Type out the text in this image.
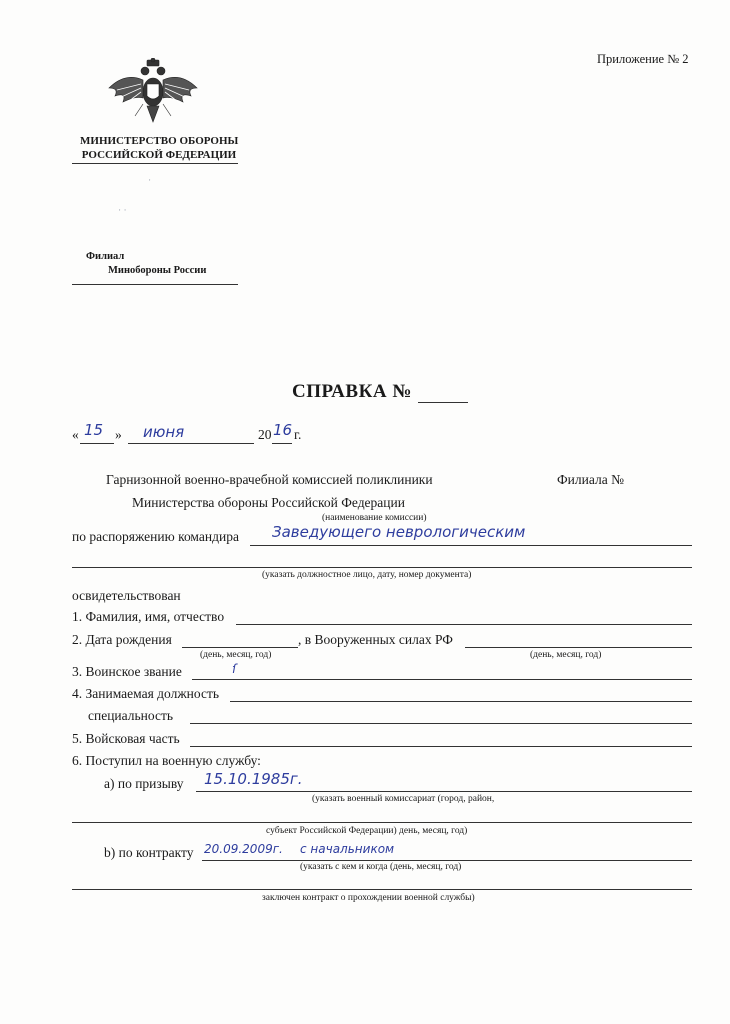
Приложение № 2
МИНИСТЕРСТВО ОБОРОНЫ
РОССИЙСКОЙ ФЕДЕРАЦИИ
·
· ·
Филиал
Минобороны России
СПРАВКА №
« 15 » июня	20 16 г.
Гарнизонной военно-врачебной комиссией поликлиники	Филиала №
Министерства обороны Российской Федерации
(наименование комиссии)
по распоряжению командира Заведующего неврологическим
(указать должностное лицо, дату, номер документа)
освидетельствован
1. Фамилия, имя, отчество
2. Дата рождения	, в Вооруженных силах РФ
(день, месяц, год)	(день, месяц, год)
3. Воинское звание	ſ
4. Занимаемая должность
специальность
5. Войсковая часть
6. Поступил на военную службу:
а) по призыву 15.10.1985г.
(указать военный комиссариат (город, район,
субъект Российской Федерации) день, месяц, год)
b) по контракту 20.09.2009г. с начальником
(указать с кем и когда (день, месяц, год)
заключен контракт о прохождении военной службы)
